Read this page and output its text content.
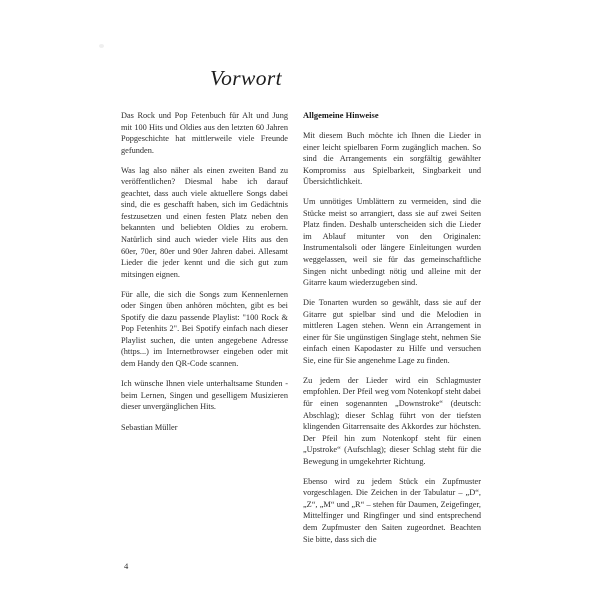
Vorwort

Das Rock und Pop Fetenbuch für Alt und Jung mit 100 Hits und Oldies aus den letzten 60 Jahren Popgeschichte hat mittlerweile viele Freunde gefunden.

Was lag also näher als einen zweiten Band zu veröffentlichen? Diesmal habe ich darauf geachtet, dass auch viele aktuellere Songs dabei sind, die es geschafft haben, sich im Gedächtnis festzusetzen und einen festen Platz neben den bekannten und beliebten Oldies zu erobern. Natürlich sind auch wieder viele Hits aus den 60er, 70er, 80er und 90er Jahren dabei. Allesamt Lieder die jeder kennt und die sich gut zum mitsingen eignen.

Für alle, die sich die Songs zum Kennenlernen oder Singen üben anhören möchten, gibt es bei Spotify die dazu passende Playlist: "100 Rock & Pop Fetenhits 2". Bei Spotify einfach nach dieser Playlist suchen, die unten angegebene Adresse (https...) im Internetbrowser eingeben oder mit dem Handy den QR-Code scannen.

Ich wünsche Ihnen viele unterhaltsame Stunden - beim Lernen, Singen und geselligem Musizieren dieser unvergänglichen Hits.

Sebastian Müller

Allgemeine Hinweise

Mit diesem Buch möchte ich Ihnen die Lieder in einer leicht spielbaren Form zugänglich machen. So sind die Arrangements ein sorgfältig gewählter Kompromiss aus Spielbarkeit, Singbarkeit und Übersichtlichkeit.

Um unnötiges Umblättern zu vermeiden, sind die Stücke meist so arrangiert, dass sie auf zwei Seiten Platz finden. Deshalb unterscheiden sich die Lieder im Ablauf mitunter von den Originalen: Instrumentalsoli oder längere Einleitungen wurden weggelassen, weil sie für das gemeinschaftliche Singen nicht unbedingt nötig und alleine mit der Gitarre kaum wiederzugeben sind.

Die Tonarten wurden so gewählt, dass sie auf der Gitarre gut spielbar sind und die Melodien in mittleren Lagen stehen. Wenn ein Arrangement in einer für Sie ungünstigen Singlage steht, nehmen Sie einfach einen Kapodaster zu Hilfe und versuchen Sie, eine für Sie angenehme Lage zu finden.

Zu jedem der Lieder wird ein Schlagmuster empfohlen. Der Pfeil weg vom Notenkopf steht dabei für einen sogenannten „Downstroke“ (deutsch: Abschlag); dieser Schlag führt von der tiefsten klingenden Gitarrensaite des Akkordes zur höchsten. Der Pfeil hin zum Notenkopf steht für einen „Upstroke“ (Aufschlag); dieser Schlag steht für die Bewegung in umgekehrter Richtung.

Ebenso wird zu jedem Stück ein Zupfmuster vorgeschlagen. Die Zeichen in der Tabulatur – „D“, „Z“, „M“ und „R“ – stehen für Daumen, Zeigefinger, Mittelfinger und Ringfinger und sind entsprechend dem Zupfmuster den Saiten zugeordnet. Beachten Sie bitte, dass sich die

4
